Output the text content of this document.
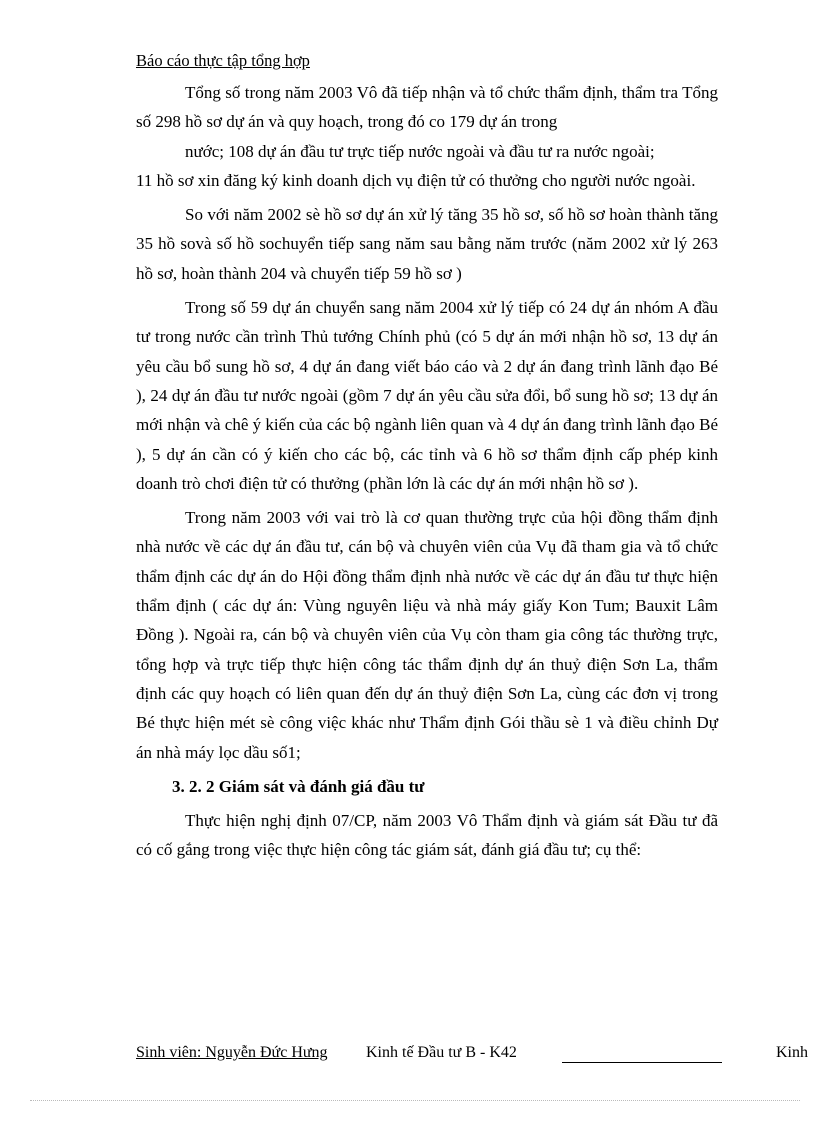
Báo cáo thực tập tổng hợp

Tổng số trong năm 2003 Vô đã tiếp nhận và tổ chức thẩm định, thẩm tra Tổng số 298 hồ sơ dự án và quy hoạch, trong đó co 179 dự án trong

nước; 108 dự án đầu tư trực tiếp nước ngoài và đầu tư ra nước ngoài;

11 hồ sơ xin đăng ký kinh doanh dịch vụ điện tử có thưởng cho người nước ngoài.

So với năm 2002 sè hồ sơ dự án xử lý tăng 35 hồ sơ, số hồ sơ hoàn thành tăng 35 hồ sovà số hồ sochuyển tiếp sang năm sau bằng năm trước (năm 2002 xử lý 263 hồ sơ, hoàn thành 204 và chuyển tiếp 59 hồ sơ )

Trong số 59 dự án chuyển sang năm 2004 xử lý tiếp có 24 dự án nhóm A đầu tư trong nước cần trình Thủ tướng Chính phủ (có 5 dự án mới nhận hồ sơ, 13 dự án yêu cầu bổ sung hồ sơ, 4 dự án đang viết báo cáo và 2 dự án đang trình lãnh đạo Bé ), 24 dự án đầu tư nước ngoài (gồm 7 dự án yêu cầu sửa đổi, bổ sung hồ sơ; 13 dự án mới nhận và chê ý kiến của các bộ ngành liên quan và 4 dự án đang trình lãnh đạo Bé ), 5 dự án cần có ý kiến cho các bộ, các tỉnh và 6 hồ sơ thẩm định cấp phép kinh doanh trò chơi điện tử có thưởng (phần lớn là các dự án mới nhận hồ sơ ).

Trong năm 2003 với vai trò là cơ quan thường trực của hội đồng thẩm định nhà nước về các dự án đầu tư, cán bộ và chuyên viên của Vụ đã tham gia và tổ chức thẩm định các dự án do Hội đồng thẩm định nhà nước về các dự án đầu tư thực hiện thẩm định ( các dự án: Vùng nguyên liệu và nhà máy giấy Kon Tum; Bauxit Lâm Đồng ). Ngoài ra, cán bộ và chuyên viên của Vụ còn tham gia công tác thường trực, tổng hợp và trực tiếp thực hiện công tác thẩm định dự án thuỷ điện Sơn La, thẩm định các quy hoạch có liên quan đến dự án thuỷ điện Sơn La, cùng các đơn vị trong Bé thực hiện mét sè công việc khác như Thẩm định Gói thầu sè 1 và điều chỉnh Dự án nhà máy lọc dầu số1;

3. 2. 2 Giám sát và đánh giá đầu tư

Thực hiện nghị định 07/CP, năm 2003 Vô Thẩm định và giám sát Đầu tư đã có cố gắng trong việc thực hiện công tác giám sát, đánh giá đầu tư; cụ thể:

Sinh viên: Nguyễn Đức Hưng Kinh tế Đầu tư B - K42	Kinh
